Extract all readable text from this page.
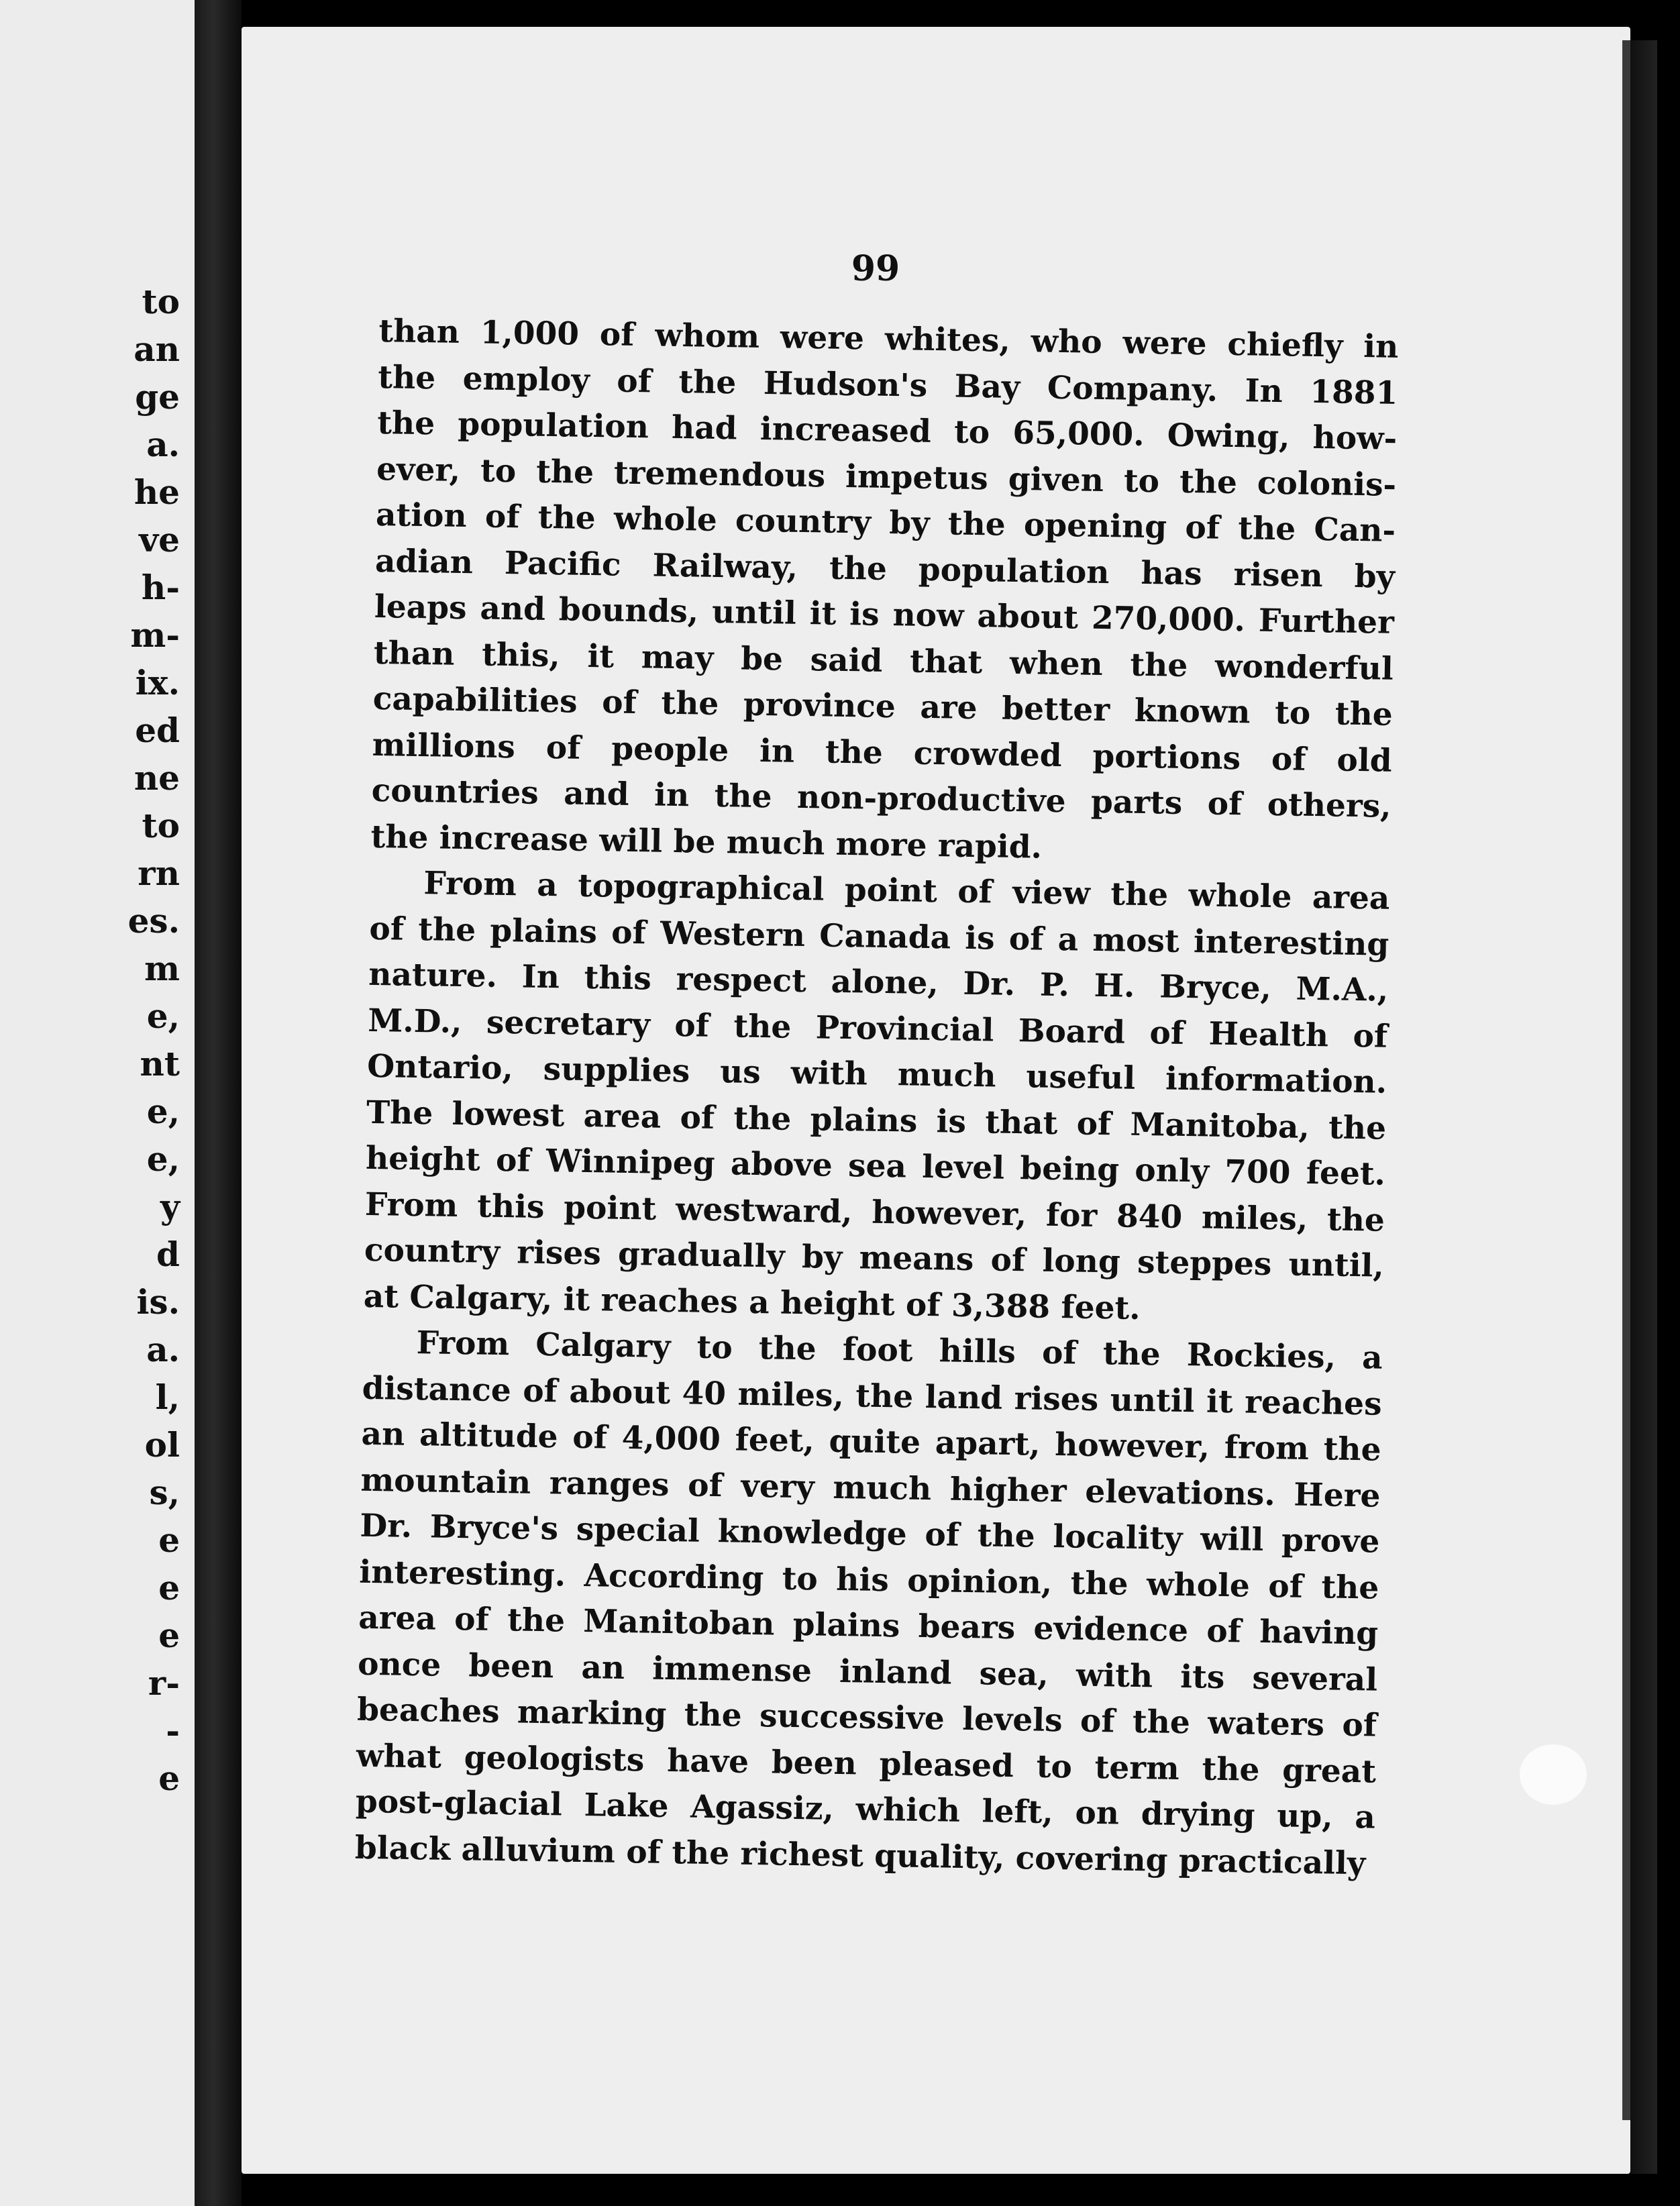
to
an
ge
a.
he
ve
h-
m-
ix.
ed
ne
to
rn
es.
m
e,
nt
e,
e,
y
d
is.
a.
l,
ol
s,
e
e
e
r-
-
e
99
than 1,000 of whom were whites, who were chiefly in
the employ of the Hudson's Bay Company. In 1881
the population had increased to 65,000. Owing, how-
ever, to the tremendous impetus given to the colonis-
ation of the whole country by the opening of the Can-
adian Pacific Railway, the population has risen by
leaps and bounds, until it is now about 270,000. Further
than this, it may be said that when the wonderful
capabilities of the province are better known to the
millions of people in the crowded portions of old
countries and in the non-productive parts of others,
the increase will be much more rapid.
From a topographical point of view the whole area
of the plains of Western Canada is of a most interesting
nature. In this respect alone, Dr. P. H. Bryce, M.A.,
M.D., secretary of the Provincial Board of Health of
Ontario, supplies us with much useful information.
The lowest area of the plains is that of Manitoba, the
height of Winnipeg above sea level being only 700 feet.
From this point westward, however, for 840 miles, the
country rises gradually by means of long steppes until,
at Calgary, it reaches a height of 3,388 feet.
From Calgary to the foot hills of the Rockies, a
distance of about 40 miles, the land rises until it reaches
an altitude of 4,000 feet, quite apart, however, from the
mountain ranges of very much higher elevations. Here
Dr. Bryce's special knowledge of the locality will prove
interesting. According to his opinion, the whole of the
area of the Manitoban plains bears evidence of having
once been an immense inland sea, with its several
beaches marking the successive levels of the waters of
what geologists have been pleased to term the great
post-glacial Lake Agassiz, which left, on drying up, a
black alluvium of the richest quality, covering practically
